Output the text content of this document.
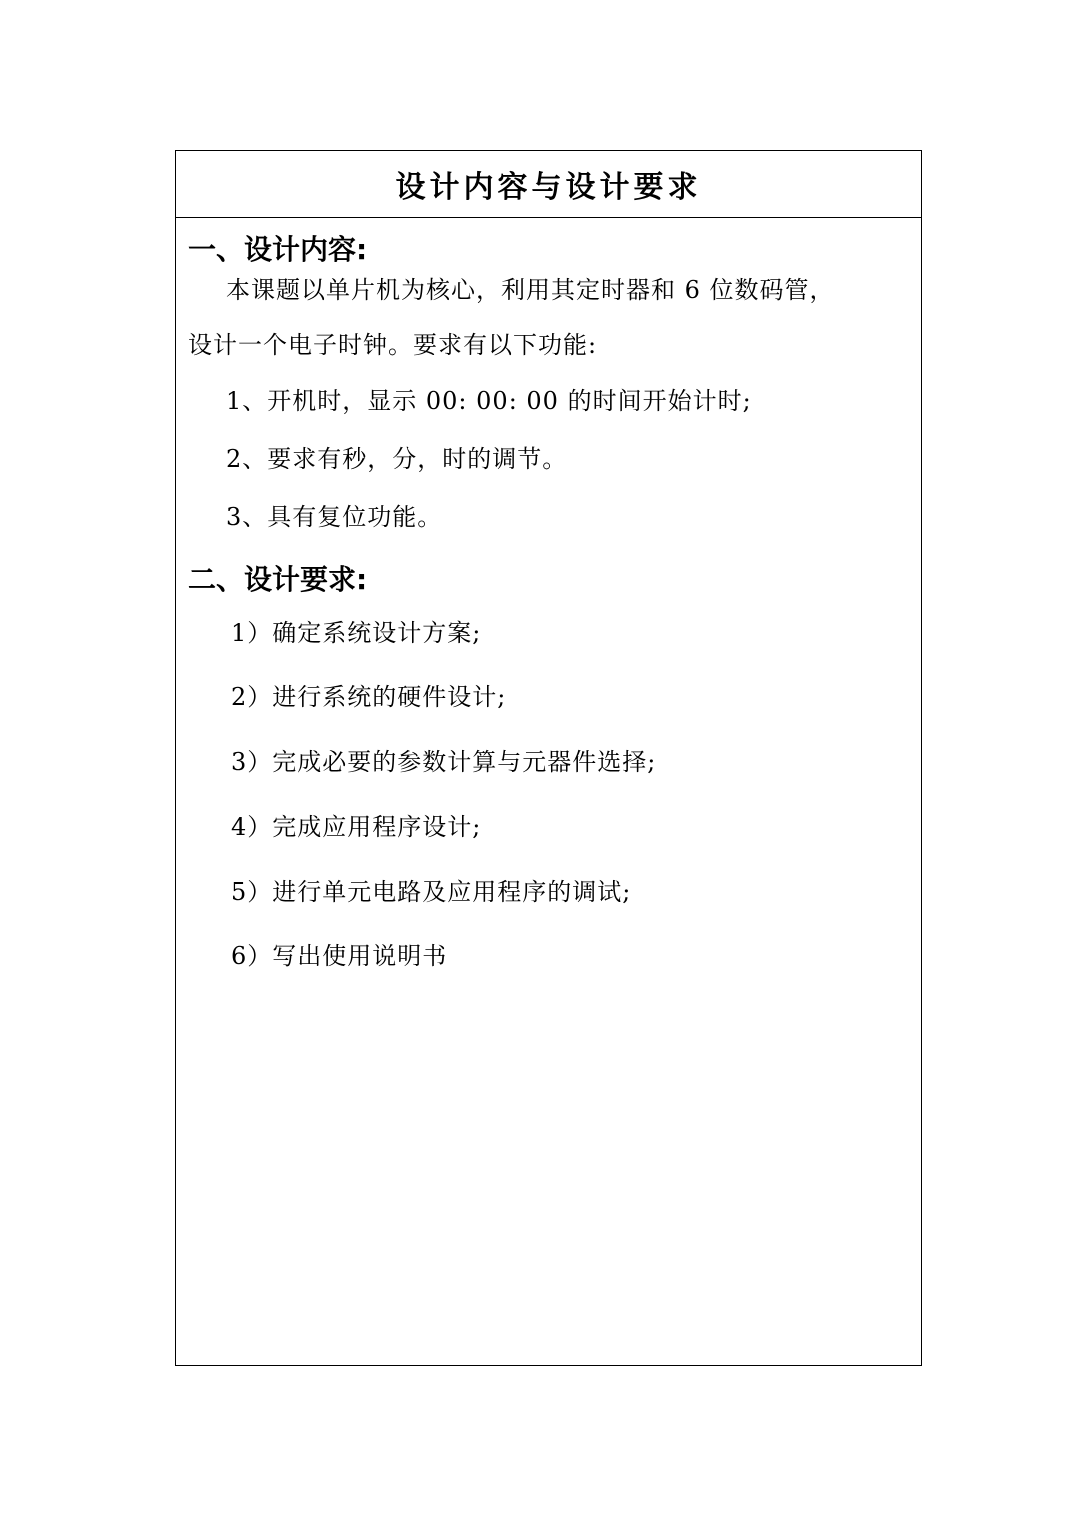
设计内容与设计要求
一、设计内容:
本课题以单片机为核心，利用其定时器和 6 位数码管，
设计一个电子时钟。要求有以下功能:
1、开机时，显示 00: 00: 00 的时间开始计时;
2、要求有秒，分，时的调节。
3、具有复位功能。
二、设计要求:
1）确定系统设计方案;
2）进行系统的硬件设计;
3）完成必要的参数计算与元器件选择;
4）完成应用程序设计;
5）进行单元电路及应用程序的调试;
6）写出使用说明书
